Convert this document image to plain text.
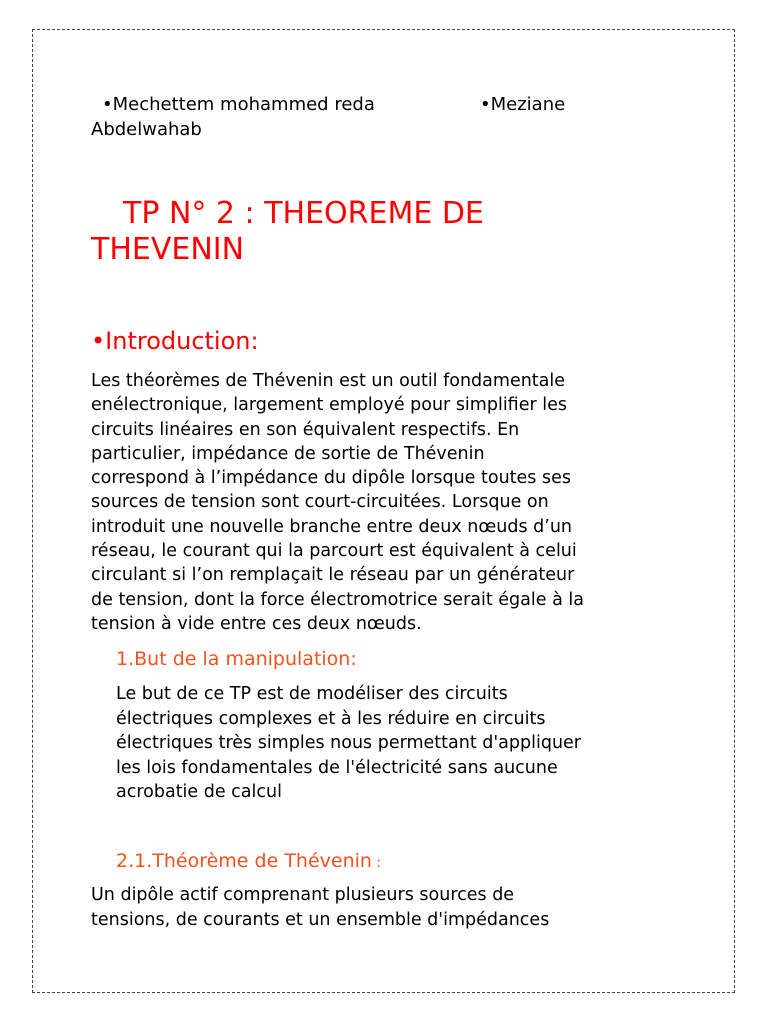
•Mechettem mohammed reda	•Meziane
Abdelwahab
TP N° 2 : THEOREME DE
THEVENIN
•Introduction:

Les théorèmes de Thévenin est un outil fondamentale
enélectronique, largement employé pour simplifier les
circuits linéaires en son équivalent respectifs. En
particulier, impédance de sortie de Thévenin
correspond à l’impédance du dipôle lorsque toutes ses
sources de tension sont court-circuitées. Lorsque on
introduit une nouvelle branche entre deux nœuds d’un
réseau, le courant qui la parcourt est équivalent à celui
circulant si l’on remplaçait le réseau par un générateur
de tension, dont la force électromotrice serait égale à la
tension à vide entre ces deux nœuds.

1.But de la manipulation:

Le but de ce TP est de modéliser des circuits
électriques complexes et à les réduire en circuits
électriques très simples nous permettant d'appliquer
les lois fondamentales de l'électricité sans aucune
acrobatie de calcul

2.1.Théorème de Thévenin :

Un dipôle actif comprenant plusieurs sources de
tensions, de courants et un ensemble d'impédances
